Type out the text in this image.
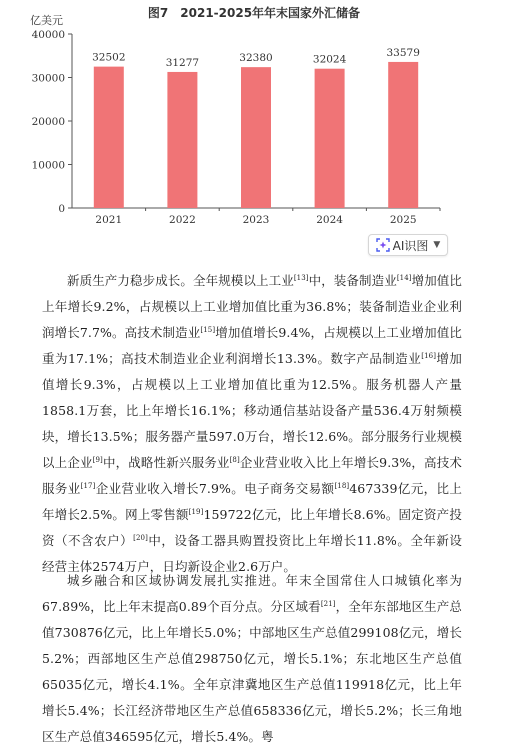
图7　2021-2025年年末国家外汇储备
亿美元
0
10000
20000
30000
40000
2021	2022	2023	2024	2025
32502	31277	32380	32024
33579
AI识图 ▼

新质生产力稳步成长。全年规模以上工业[13]中，装备制造业[14]增加值比上年增长9.2%，占规模以上工业增加值比重为36.8%；装备制造业企业利润增长7.7%。高技术制造业[15]增加值增长9.4%，占规模以上工业增加值比重为17.1%；高技术制造业企业利润增长13.3%。数字产品制造业[16]增加值增长9.3%，占规模以上工业增加值比重为12.5%。服务机器人产量1858.1万套，比上年增长16.1%；移动通信基站设备产量536.4万射频模块，增长13.5%；服务器产量597.0万台，增长12.6%。部分服务行业规模以上企业[9]中，战略性新兴服务业[8]企业营业收入比上年增长9.3%，高技术服务业[17]企业营业收入增长7.9%。电子商务交易额[18]467339亿元，比上年增长2.5%。网上零售额[19]159722亿元，比上年增长8.6%。固定资产投资（不含农户）[20]中，设备工器具购置投资比上年增长11.8%。全年新设经营主体2574万户，日均新设企业2.6万户。

城乡融合和区域协调发展扎实推进。年末全国常住人口城镇化率为67.89%，比上年末提高0.89个百分点。分区域看[21]，全年东部地区生产总值730876亿元，比上年增长5.0%；中部地区生产总值299108亿元，增长5.2%；西部地区生产总值298750亿元，增长5.1%；东北地区生产总值65035亿元，增长4.1%。全年京津冀地区生产总值119918亿元，比上年增长5.4%；长江经济带地区生产总值658336亿元，增长5.2%；长三角地区生产总值346595亿元，增长5.4%。粤
